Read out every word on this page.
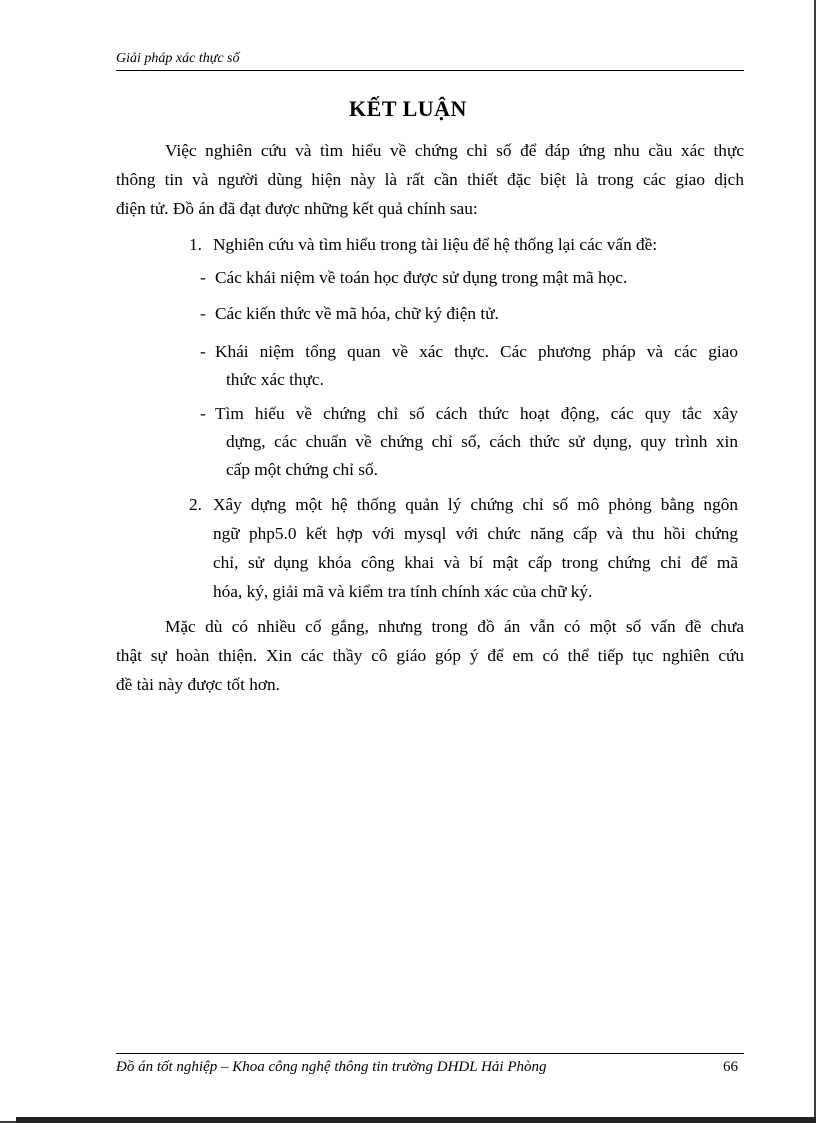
Giải pháp xác thực số
KẾT LUẬN
Việc nghiên cứu và tìm hiểu về chứng chỉ số để đáp ứng nhu cầu xác thực
thông tin và người dùng hiện này là rất cần thiết đặc biệt là trong các giao dịch
điện tử. Đồ án đã đạt được những kết quả chính sau:
1. Nghiên cứu và tìm hiểu trong tài liệu để hệ thống lại các vấn đề:
- Các khái niệm về toán học được sử dụng trong mật mã học.
- Các kiến thức về mã hóa, chữ ký điện tử.
- Khái niệm tổng quan về xác thực. Các phương pháp và các giao
thức xác thực.
- Tìm hiểu về chứng chỉ số cách thức hoạt động, các quy tắc xây
dựng, các chuẩn về chứng chỉ số, cách thức sử dụng, quy trình xin
cấp một chứng chỉ số.
2. Xây dựng một hệ thống quản lý chứng chỉ số mô phỏng bằng ngôn
ngữ php5.0 kết hợp với mysql với chức năng cấp và thu hồi chứng
chỉ, sử dụng khóa công khai và bí mật cấp trong chứng chỉ để mã
hóa, ký, giải mã và kiểm tra tính chính xác của chữ ký.
Mặc dù có nhiều cố gắng, nhưng trong đồ án vẫn có một số vấn đề chưa
thật sự hoàn thiện. Xin các thầy cô giáo góp ý để em có thể tiếp tục nghiên cứu
đề tài này được tốt hơn.
Đồ án tốt nghiệp – Khoa công nghệ thông tin trường DHDL Hải Phòng	66
